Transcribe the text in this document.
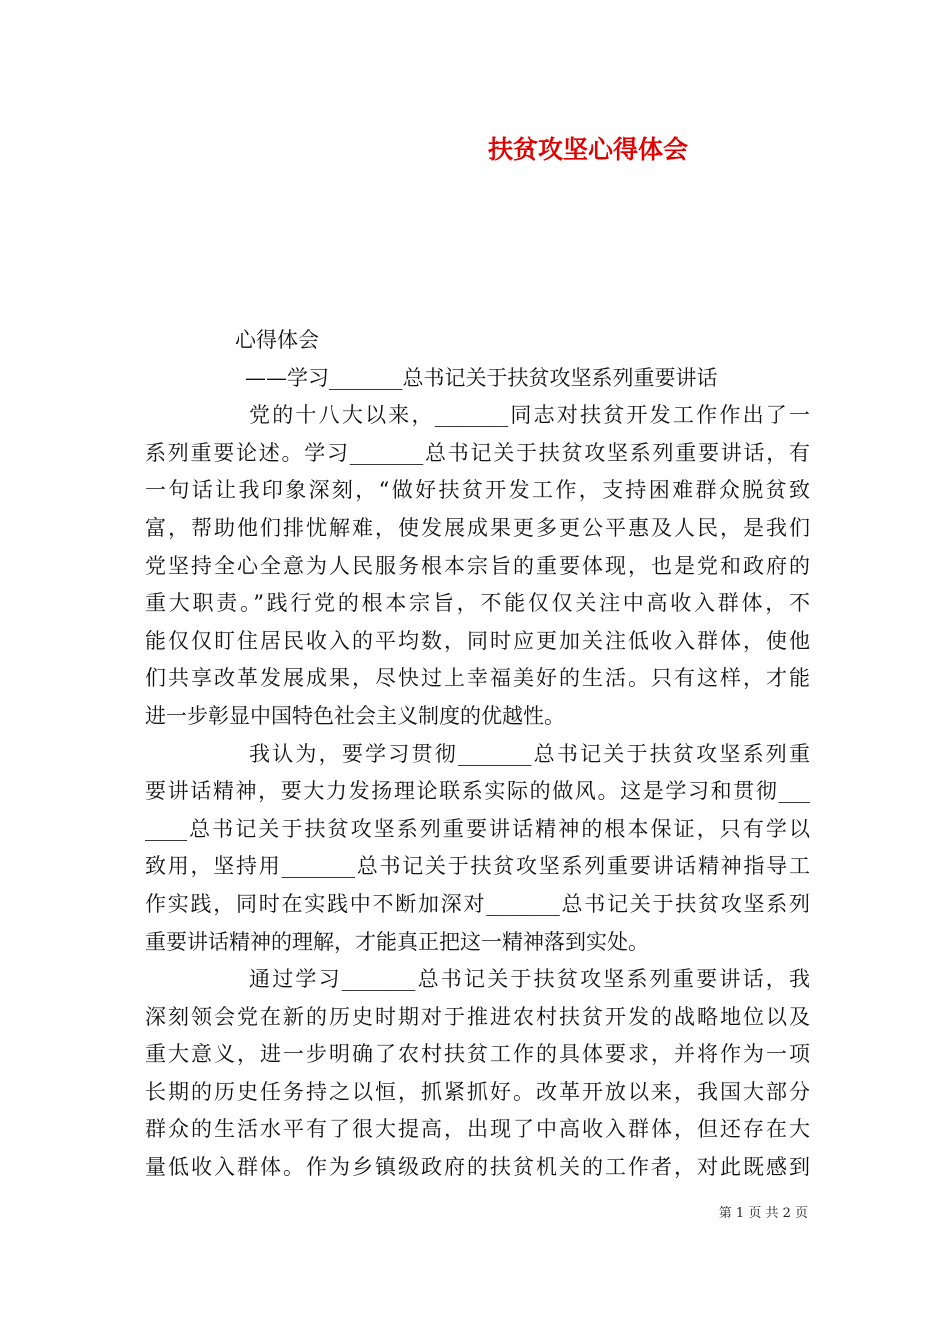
扶贫攻坚心得体会
心得体会
——学习_______总书记关于扶贫攻坚系列重要讲话
党的十八大以来，_______同志对扶贫开发工作作出了一
系列重要论述。学习_______总书记关于扶贫攻坚系列重要讲话，有
一句话让我印象深刻，“做好扶贫开发工作，支持困难群众脱贫致
富，帮助他们排忧解难，使发展成果更多更公平惠及人民，是我们
党坚持全心全意为人民服务根本宗旨的重要体现，也是党和政府的
重大职责。”践行党的根本宗旨，不能仅仅关注中高收入群体，不
能仅仅盯住居民收入的平均数，同时应更加关注低收入群体，使他
们共享改革发展成果，尽快过上幸福美好的生活。只有这样，才能
进一步彰显中国特色社会主义制度的优越性。
我认为，要学习贯彻_______总书记关于扶贫攻坚系列重
要讲话精神，要大力发扬理论联系实际的做风。这是学习和贯彻___
____总书记关于扶贫攻坚系列重要讲话精神的根本保证，只有学以
致用，坚持用_______总书记关于扶贫攻坚系列重要讲话精神指导工
作实践，同时在实践中不断加深对_______总书记关于扶贫攻坚系列
重要讲话精神的理解，才能真正把这一精神落到实处。
通过学习_______总书记关于扶贫攻坚系列重要讲话，我
深刻领会党在新的历史时期对于推进农村扶贫开发的战略地位以及
重大意义，进一步明确了农村扶贫工作的具体要求，并将作为一项
长期的历史任务持之以恒，抓紧抓好。改革开放以来，我国大部分
群众的生活水平有了很大提高，出现了中高收入群体，但还存在大
量低收入群体。作为乡镇级政府的扶贫机关的工作者，对此既感到
第 1 页 共 2 页
